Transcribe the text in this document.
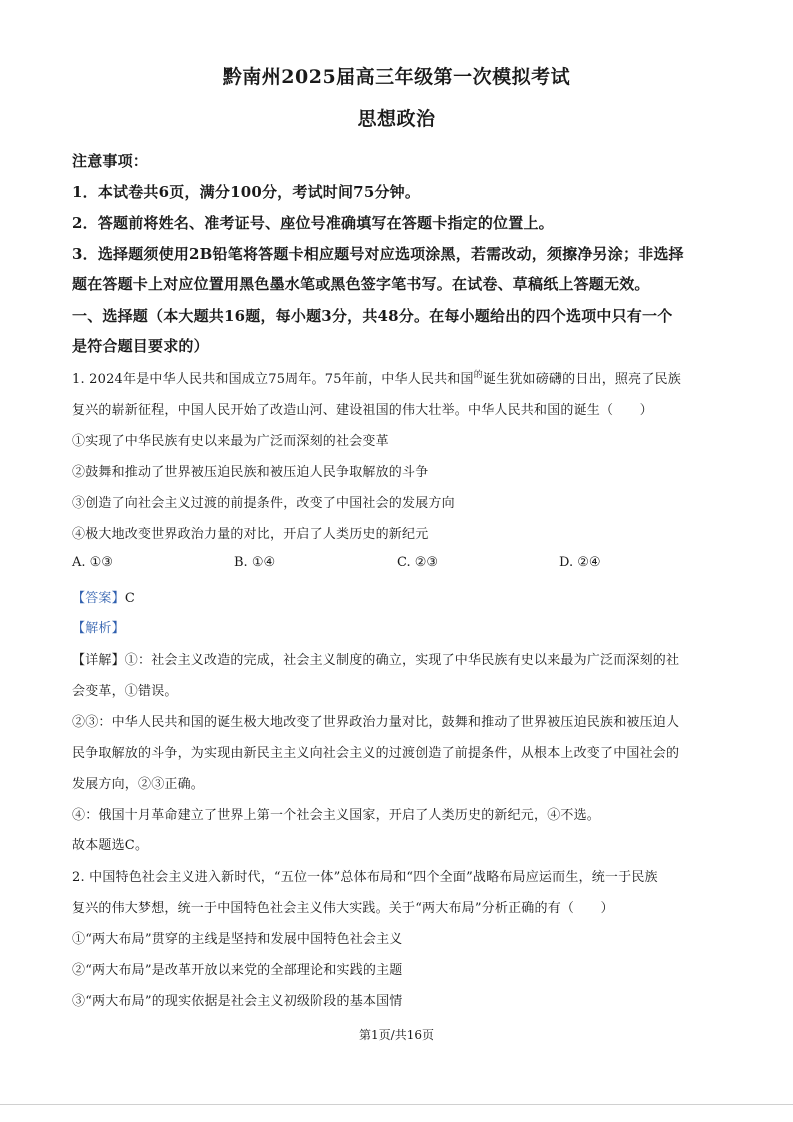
黔南州2025届高三年级第一次模拟考试
思想政治
注意事项：
1．本试卷共6页，满分100分，考试时间75分钟。
2．答题前将姓名、准考证号、座位号准确填写在答题卡指定的位置上。
3．选择题须使用2B铅笔将答题卡相应题号对应选项涂黑，若需改动，须擦净另涂；非选择
题在答题卡上对应位置用黑色墨水笔或黑色签字笔书写。在试卷、草稿纸上答题无效。
一、选择题（本大题共16题，每小题3分，共48分。在每小题给出的四个选项中只有一个
是符合题目要求的）
1. 2024年是中华人民共和国成立75周年。75年前，中华人民共和国$^的$诞生犹如磅礴的日出，照亮了民族
复兴的崭新征程，中国人民开始了改造山河、建设祖国的伟大壮举。中华人民共和国的诞生（　　）
①实现了中华民族有史以来最为广泛而深刻的社会变革
②鼓舞和推动了世界被压迫民族和被压迫人民争取解放的斗争
③创造了向社会主义过渡的前提条件，改变了中国社会的发展方向
④极大地改变世界政治力量的对比，开启了人类历史的新纪元
A. ①③	B. ①④	C. ②③	D. ②④
【答案】C
【解析】
【详解】①：社会主义改造的完成，社会主义制度的确立，实现了中华民族有史以来最为广泛而深刻的社
会变革，①错误。
②③：中华人民共和国的诞生极大地改变了世界政治力量对比，鼓舞和推动了世界被压迫民族和被压迫人
民争取解放的斗争，为实现由新民主主义向社会主义的过渡创造了前提条件，从根本上改变了中国社会的
发展方向，②③正确。
④：俄国十月革命建立了世界上第一个社会主义国家，开启了人类历史的新纪元，④不选。
故本题选C。
2. 中国特色社会主义进入新时代，“五位一体”总体布局和“四个全面”战略布局应运而生，统一于民族
复兴的伟大梦想，统一于中国特色社会主义伟大实践。关于“两大布局”分析正确的有（　　）
①“两大布局”贯穿的主线是坚持和发展中国特色社会主义
②“两大布局”是改革开放以来党的全部理论和实践的主题
③“两大布局”的现实依据是社会主义初级阶段的基本国情
第1页/共16页
